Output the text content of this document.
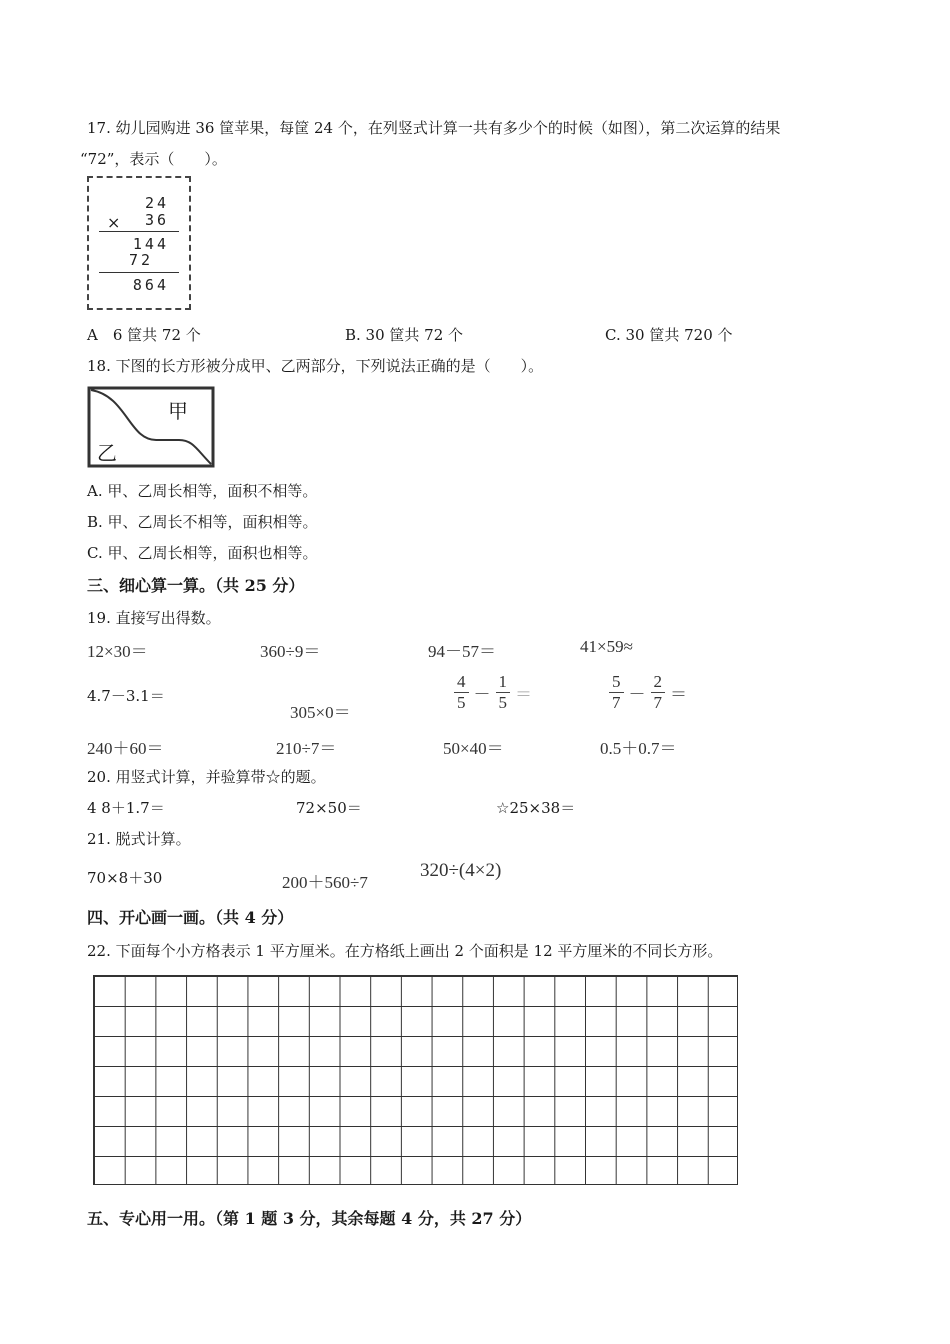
17. 幼儿园购进 36 筐苹果，每筐 24 个，在列竖式计算一共有多少个的时候（如图），第二次运算的结果
“72”，表示（　　）。
24
× 36
144
72
864
A　6 筐共 72 个	B. 30 筐共 72 个	C. 30 筐共 720 个
18. 下图的长方形被分成甲、乙两部分，下列说法正确的是（　　）。
甲
乙
A. 甲、乙周长相等，面积不相等。
B. 甲、乙周长不相等，面积相等。
C. 甲、乙周长相等，面积也相等。
三、细心算一算。（共 25 分）
19. 直接写出得数。
12×30＝	360÷9＝	94－57＝	41×59≈
4.7－3.1＝
305×0＝	$\frac{4}{5} - \frac{1}{5}$ ＝	$\frac{5}{7} - \frac{2}{7}$ ＝
240＋60＝	210÷7＝	50×40＝	0.5＋0.7＝
20. 用竖式计算，并验算带☆的题。
4 8＋1.7＝	72×50＝	☆25×38＝
21. 脱式计算。
70×8＋30	200＋560÷7
320÷(4×2)
四、开心画一画。（共 4 分）
22. 下面每个小方格表示 1 平方厘米。在方格纸上画出 2 个面积是 12 平方厘米的不同长方形。
五、专心用一用。（第 1 题 3 分，其余每题 4 分，共 27 分）
